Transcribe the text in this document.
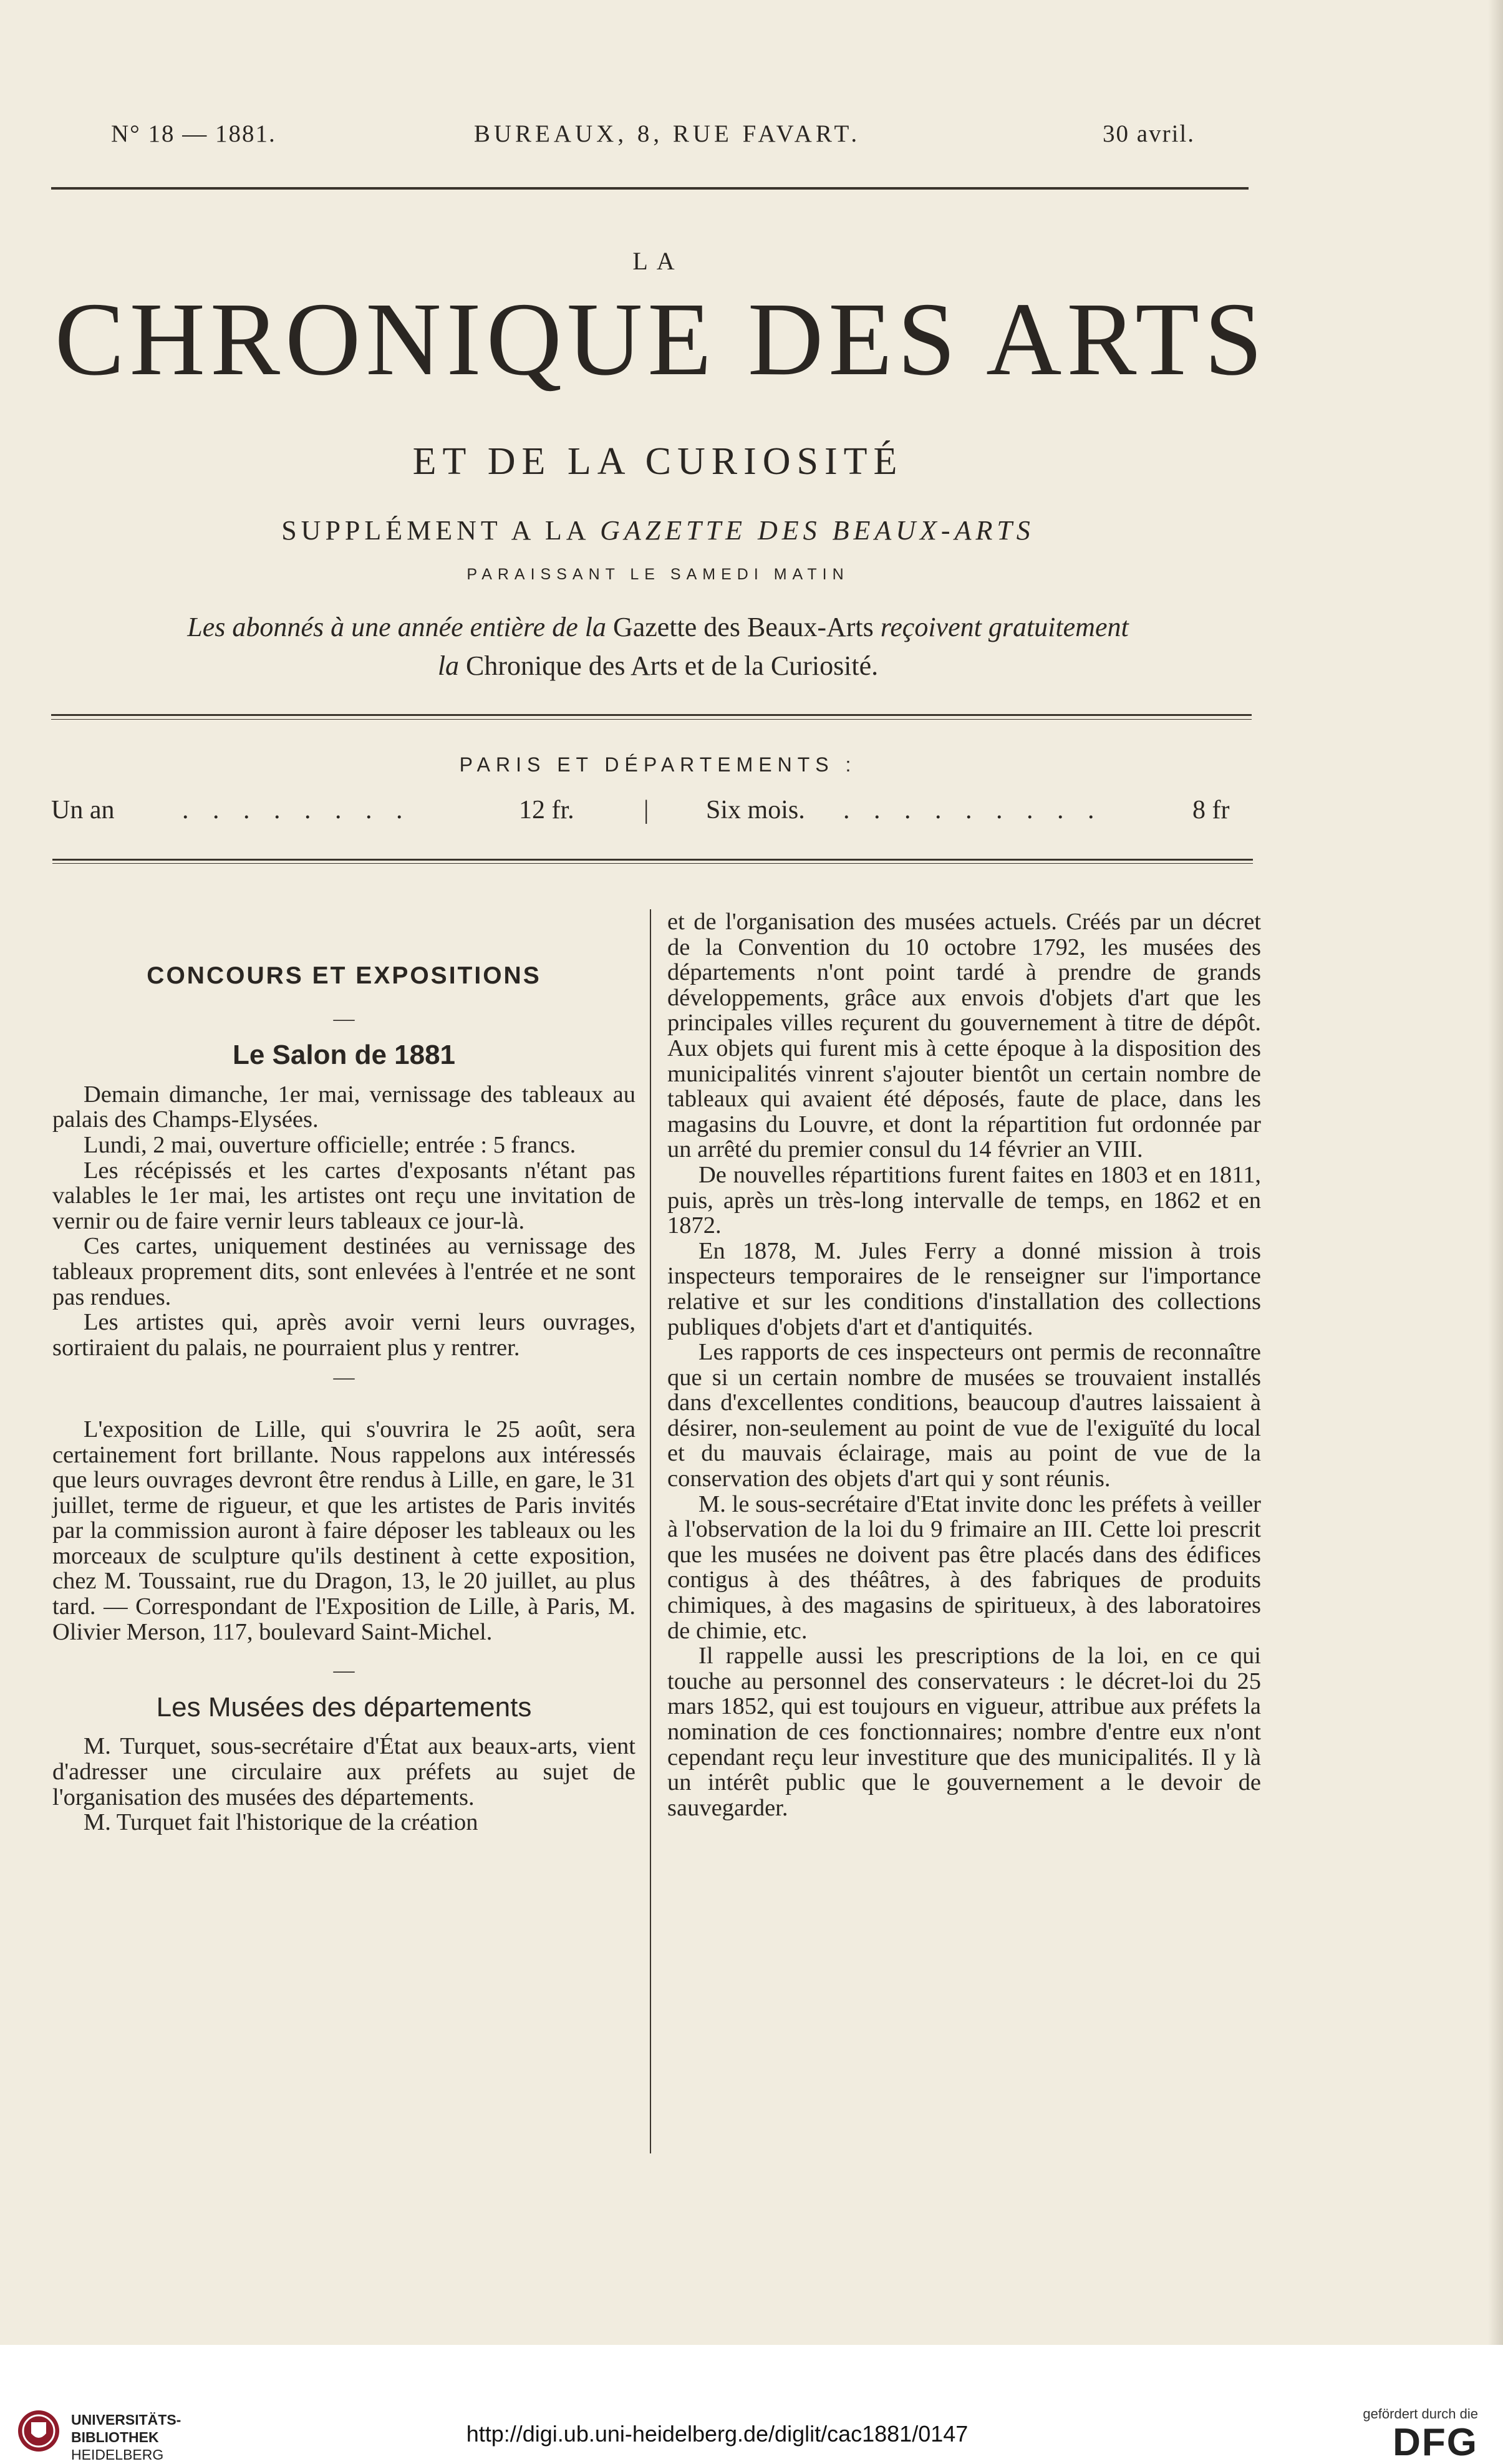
N° 18 — 1881.	BUREAUX, 8, RUE FAVART.	30 avril.
LA
CHRONIQUE DES ARTS
ET DE LA CURIOSITÉ
SUPPLÉMENT A LA GAZETTE DES BEAUX-ARTS
PARAISSANT LE SAMEDI MATIN
Les abonnés à une année entière de la Gazette des Beaux-Arts reçoivent gratuitement
la Chronique des Arts et de la Curiosité.
PARIS ET DÉPARTEMENTS :
Un an	. . . . . . . .	12 fr.	| Six mois. . . . . . . . . .	8 fr
CONCOURS ET EXPOSITIONS
—
Le Salon de 1881

Demain dimanche, 1er mai, vernissage des tableaux au palais des Champs-Elysées.

Lundi, 2 mai, ouverture officielle; entrée : 5 francs.

Les récépissés et les cartes d'exposants n'étant pas valables le 1er mai, les artistes ont reçu une invitation de vernir ou de faire vernir leurs tableaux ce jour-là.

Ces cartes, uniquement destinées au vernissage des tableaux proprement dits, sont enlevées à l'entrée et ne sont pas rendues.

Les artistes qui, après avoir verni leurs ouvrages, sortiraient du palais, ne pourraient plus y rentrer.

—

L'exposition de Lille, qui s'ouvrira le 25 août, sera certainement fort brillante. Nous rappelons aux intéressés que leurs ouvrages devront être rendus à Lille, en gare, le 31 juillet, terme de rigueur, et que les artistes de Paris invités par la commission auront à faire déposer les tableaux ou les morceaux de sculpture qu'ils destinent à cette exposition, chez M. Toussaint, rue du Dragon, 13, le 20 juillet, au plus tard. — Correspondant de l'Exposition de Lille, à Paris, M. Olivier Merson, 117, boulevard Saint-Michel.

—
Les Musées des départements

M. Turquet, sous-secrétaire d'État aux beaux-arts, vient d'adresser une circulaire aux préfets au sujet de l'organisation des musées des départements.

M. Turquet fait l'historique de la création

et de l'organisation des musées actuels. Créés par un décret de la Convention du 10 octobre 1792, les musées des départements n'ont point tardé à prendre de grands développements, grâce aux envois d'objets d'art que les principales villes reçurent du gouvernement à titre de dépôt. Aux objets qui furent mis à cette époque à la disposition des municipalités vinrent s'ajouter bientôt un certain nombre de tableaux qui avaient été déposés, faute de place, dans les magasins du Louvre, et dont la répartition fut ordonnée par un arrêté du premier consul du 14 février an VIII.

De nouvelles répartitions furent faites en 1803 et en 1811, puis, après un très-long intervalle de temps, en 1862 et en 1872.

En 1878, M. Jules Ferry a donné mission à trois inspecteurs temporaires de le renseigner sur l'importance relative et sur les conditions d'installation des collections publiques d'objets d'art et d'antiquités.

Les rapports de ces inspecteurs ont permis de reconnaître que si un certain nombre de musées se trouvaient installés dans d'excellentes conditions, beaucoup d'autres laissaient à désirer, non-seulement au point de vue de l'exiguïté du local et du mauvais éclairage, mais au point de vue de la conservation des objets d'art qui y sont réunis.

M. le sous-secrétaire d'Etat invite donc les préfets à veiller à l'observation de la loi du 9 frimaire an III. Cette loi prescrit que les musées ne doivent pas être placés dans des édifices contigus à des théâtres, à des fabriques de produits chimiques, à des magasins de spiritueux, à des laboratoires de chimie, etc.

Il rappelle aussi les prescriptions de la loi, en ce qui touche au personnel des conservateurs : le décret-loi du 25 mars 1852, qui est toujours en vigueur, attribue aux préfets la nomination de ces fonctionnaires; nombre d'entre eux n'ont cependant reçu leur investiture que des municipalités. Il y là un intérêt public que le gouvernement a le devoir de sauvegarder.

UNIVERSITÄTS-
BIBLIOTHEK
HEIDELBERG
http://digi.ub.uni-heidelberg.de/diglit/cac1881/0147
gefördert durch die
DFG
